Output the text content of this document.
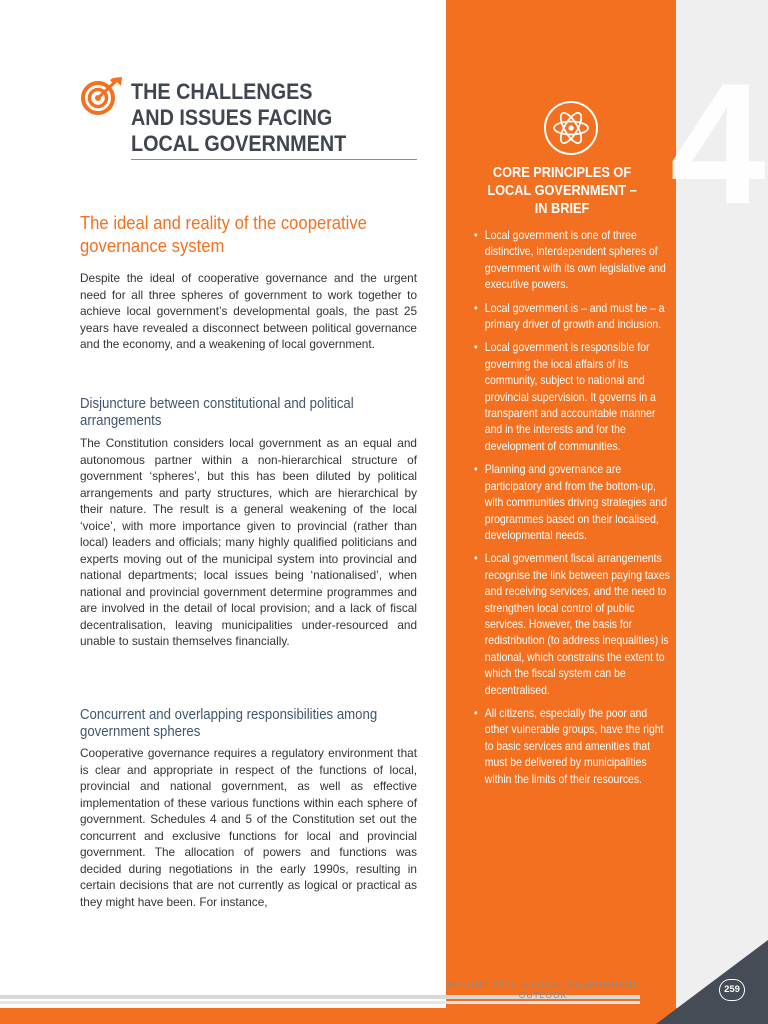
4
THE CHALLENGES
AND ISSUES FACING
LOCAL GOVERNMENT
The ideal and reality of the cooperative governance system

Despite the ideal of cooperative governance and the urgent need for all three spheres of government to work together to achieve local government’s developmental goals, the past 25 years have revealed a disconnect between political governance and the economy, and a weakening of local government.

Disjuncture between constitutional and political arrangements

The Constitution considers local government as an equal and autonomous partner within a non-hierarchical structure of government ‘spheres’, but this has been diluted by political arrangements and party structures, which are hierarchical by their nature. The result is a general weakening of the local ‘voice’, with more importance given to provincial (rather than local) leaders and officials; many highly qualified politicians and experts moving out of the municipal system into provincial and national departments; local issues being ‘nationalised’, when national and provincial government determine programmes and are involved in the detail of local provision; and a lack of fiscal decentralisation, leaving municipalities under-resourced and unable to sustain themselves financially.

Concurrent and overlapping responsibilities among government spheres

Cooperative governance requires a regulatory environment that is clear and appropriate in respect of the functions of local, provincial and national government, as well as effective implementation of these various functions within each sphere of government. Schedules 4 and 5 of the Constitution set out the concurrent and exclusive functions for local and provincial government. The allocation of powers and functions was decided during negotiations in the early 1990s, resulting in certain decisions that are not currently as logical or practical as they might have been. For instance,

CORE PRINCIPLES OF
LOCAL GOVERNMENT –
IN BRIEF
• Local government is one of three distinctive, interdependent spheres of government with its own legislative and executive powers.
• Local government is – and must be – a primary driver of growth and inclusion.
• Local government is responsible for governing the local affairs of its community, subject to national and provincial supervision. It governs in a transparent and accountable manner and in the interests and for the development of communities.
• Planning and governance are participatory and from the bottom-up, with communities driving strategies and programmes based on their localised, developmental needs.
• Local government fiscal arrangements recognise the link between paying taxes and receiving services, and the need to strengthen local control of public services. However, the basis for redistribution (to address inequalities) is national, which constrains the extent to which the fiscal system can be decentralised.
• All citizens, especially the poor and other vulnerable groups, have the right to basic services and amenities that must be delivered by municipalities within the limits of their resources.
BEYOND 2021: A LOCAL GOVERNMENT OUTLOOK	259
